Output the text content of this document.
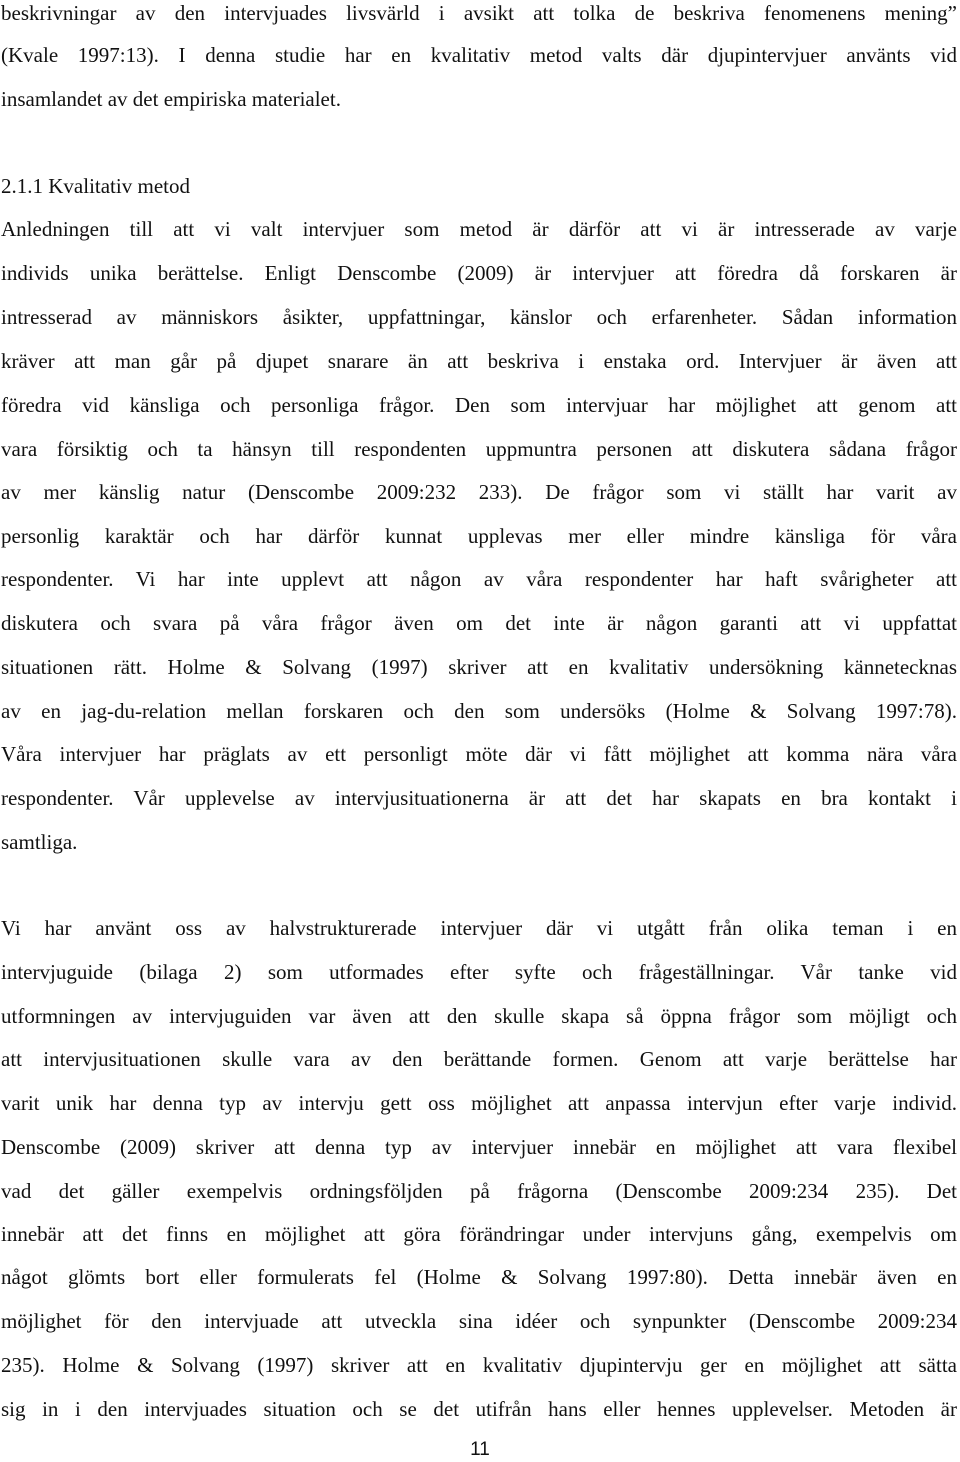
beskrivningar av den intervjuades livsvärld i avsikt att tolka de beskriva fenomenens mening”
(Kvale 1997:13). I denna studie har en kvalitativ metod valts där djupintervjuer använts vid
insamlandet av det empiriska materialet.
2.1.1 Kvalitativ metod
Anledningen till att vi valt intervjuer som metod är därför att vi är intresserade av varje
individs unika berättelse. Enligt Denscombe (2009) är intervjuer att föredra då forskaren är
intresserad av människors åsikter, uppfattningar, känslor och erfarenheter. Sådan information
kräver att man går på djupet snarare än att beskriva i enstaka ord. Intervjuer är även att
föredra vid känsliga och personliga frågor. Den som intervjuar har möjlighet att genom att
vara försiktig och ta hänsyn till respondenten uppmuntra personen att diskutera sådana frågor
av mer känslig natur (Denscombe 2009:232 233). De frågor som vi ställt har varit av
personlig karaktär och har därför kunnat upplevas mer eller mindre känsliga för våra
respondenter. Vi har inte upplevt att någon av våra respondenter har haft svårigheter att
diskutera och svara på våra frågor även om det inte är någon garanti att vi uppfattat
situationen rätt. Holme & Solvang (1997) skriver att en kvalitativ undersökning kännetecknas
av en jag-du-relation mellan forskaren och den som undersöks (Holme & Solvang 1997:78).
Våra intervjuer har präglats av ett personligt möte där vi fått möjlighet att komma nära våra
respondenter. Vår upplevelse av intervjusituationerna är att det har skapats en bra kontakt i
samtliga.
Vi har använt oss av halvstrukturerade intervjuer där vi utgått från olika teman i en
intervjuguide (bilaga 2) som utformades efter syfte och frågeställningar. Vår tanke vid
utformningen av intervjuguiden var även att den skulle skapa så öppna frågor som möjligt och
att intervjusituationen skulle vara av den berättande formen. Genom att varje berättelse har
varit unik har denna typ av intervju gett oss möjlighet att anpassa intervjun efter varje individ.
Denscombe (2009) skriver att denna typ av intervjuer innebär en möjlighet att vara flexibel
vad det gäller exempelvis ordningsföljden på frågorna (Denscombe 2009:234 235). Det
innebär att det finns en möjlighet att göra förändringar under intervjuns gång, exempelvis om
något glömts bort eller formulerats fel (Holme & Solvang 1997:80). Detta innebär även en
möjlighet för den intervjuade att utveckla sina idéer och synpunkter (Denscombe 2009:234
235). Holme & Solvang (1997) skriver att en kvalitativ djupintervju ger en möjlighet att sätta
sig in i den intervjuades situation och se det utifrån hans eller hennes upplevelser. Metoden är
11
